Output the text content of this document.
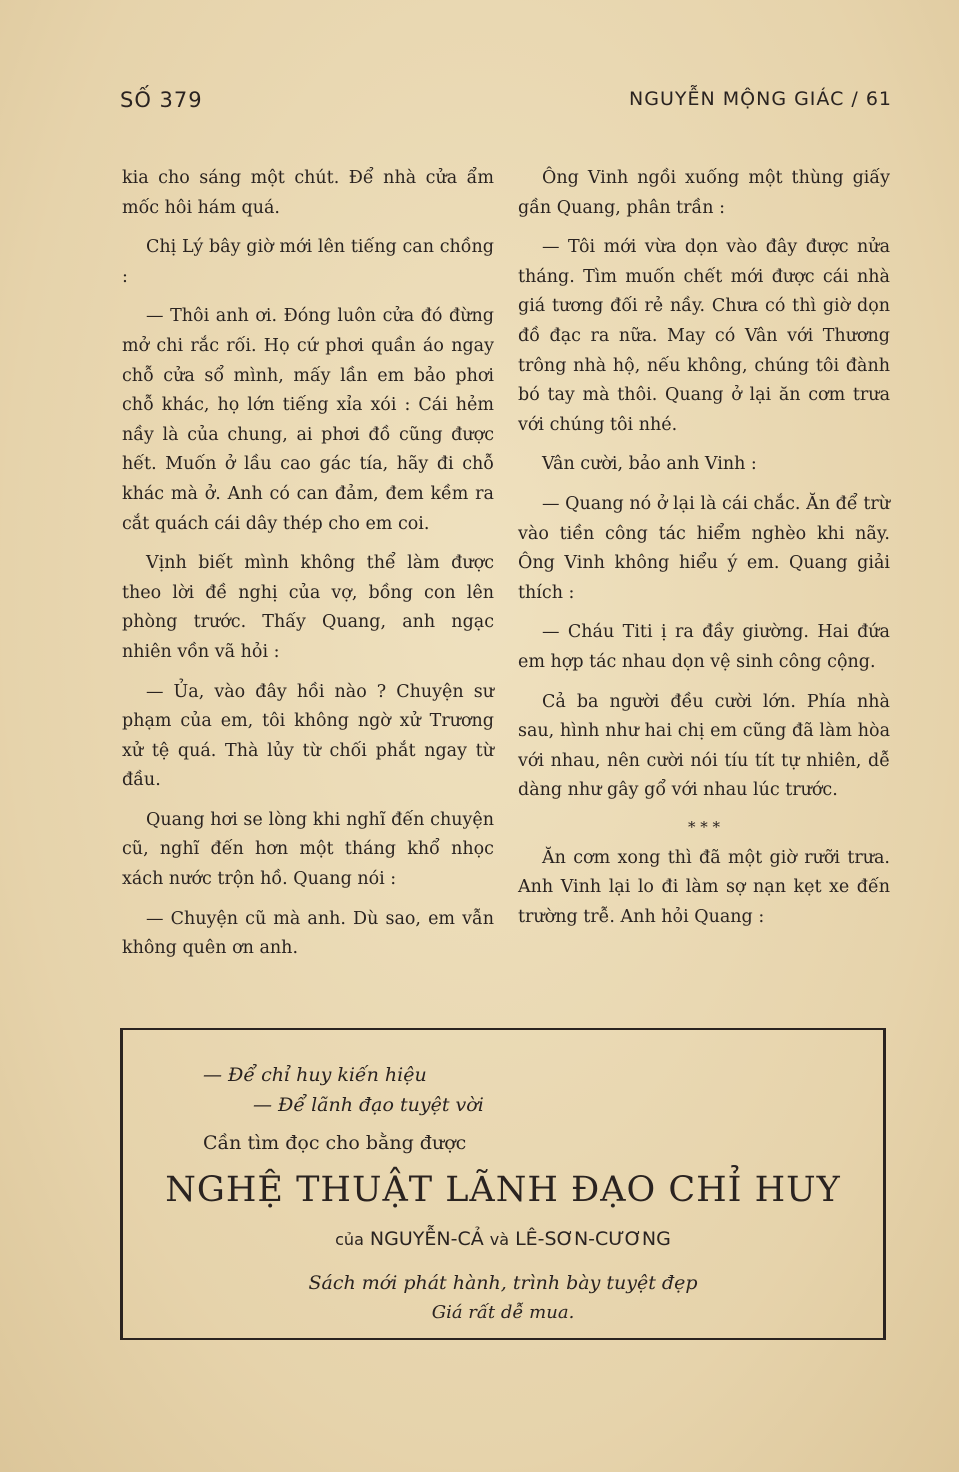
SỐ 379	NGUYỄN MỘNG GIÁC / 61

kia cho sáng một chút. Để nhà cửa ẩm mốc hôi hám quá.

Chị Lý bây giờ mới lên tiếng can chồng :

— Thôi anh ơi. Đóng luôn cửa đó đừng mở chi rắc rối. Họ cứ phơi quần áo ngay chỗ cửa sổ mình, mấy lần em bảo phơi chỗ khác, họ lớn tiếng xỉa xói : Cái hẻm nầy là của chung, ai phơi đồ cũng được hết. Muốn ở lầu cao gác tía, hãy đi chỗ khác mà ở. Anh có can đảm, đem kềm ra cắt quách cái dây thép cho em coi.

Vịnh biết mình không thể làm được theo lời đề nghị của vợ, bồng con lên phòng trước. Thấy Quang, anh ngạc nhiên vồn vã hỏi :

— Ủa, vào đây hồi nào ? Chuyện sư phạm của em, tôi không ngờ xử Trương xử tệ quá. Thà lủy từ chối phắt ngay từ đầu.

Quang hơi se lòng khi nghĩ đến chuyện cũ, nghĩ đến hơn một tháng khổ nhọc xách nước trộn hồ. Quang nói :

— Chuyện cũ mà anh. Dù sao, em vẫn không quên ơn anh.

Ông Vinh ngồi xuống một thùng giấy gần Quang, phân trần :

— Tôi mới vừa dọn vào đây được nửa tháng. Tìm muốn chết mới được cái nhà giá tương đối rẻ nầy. Chưa có thì giờ dọn đồ đạc ra nữa. May có Vân với Thương trông nhà hộ, nếu không, chúng tôi đành bó tay mà thôi. Quang ở lại ăn cơm trưa với chúng tôi nhé.

Vân cười, bảo anh Vinh :

— Quang nó ở lại là cái chắc. Ăn để trừ vào tiền công tác hiểm nghèo khi nãy. Ông Vinh không hiểu ý em. Quang giải thích :

— Cháu Titi ị ra đầy giường. Hai đứa em hợp tác nhau dọn vệ sinh công cộng.

Cả ba người đều cười lớn. Phía nhà sau, hình như hai chị em cũng đã làm hòa với nhau, nên cười nói tíu tít tự nhiên, dễ dàng như gây gổ với nhau lúc trước.

* * *

Ăn cơm xong thì đã một giờ rưỡi trưa. Anh Vinh lại lo đi làm sợ nạn kẹt xe đến trường trễ. Anh hỏi Quang :

— Để chỉ huy kiến hiệu
— Để lãnh đạo tuyệt vời
Cần tìm đọc cho bằng được
NGHỆ THUẬT LÃNH ĐẠO CHỈ HUY
của NGUYỄN-CẢ và LÊ-SƠN-CƯƠNG
Sách mới phát hành, trình bày tuyệt đẹp
Giá rất dễ mua.
